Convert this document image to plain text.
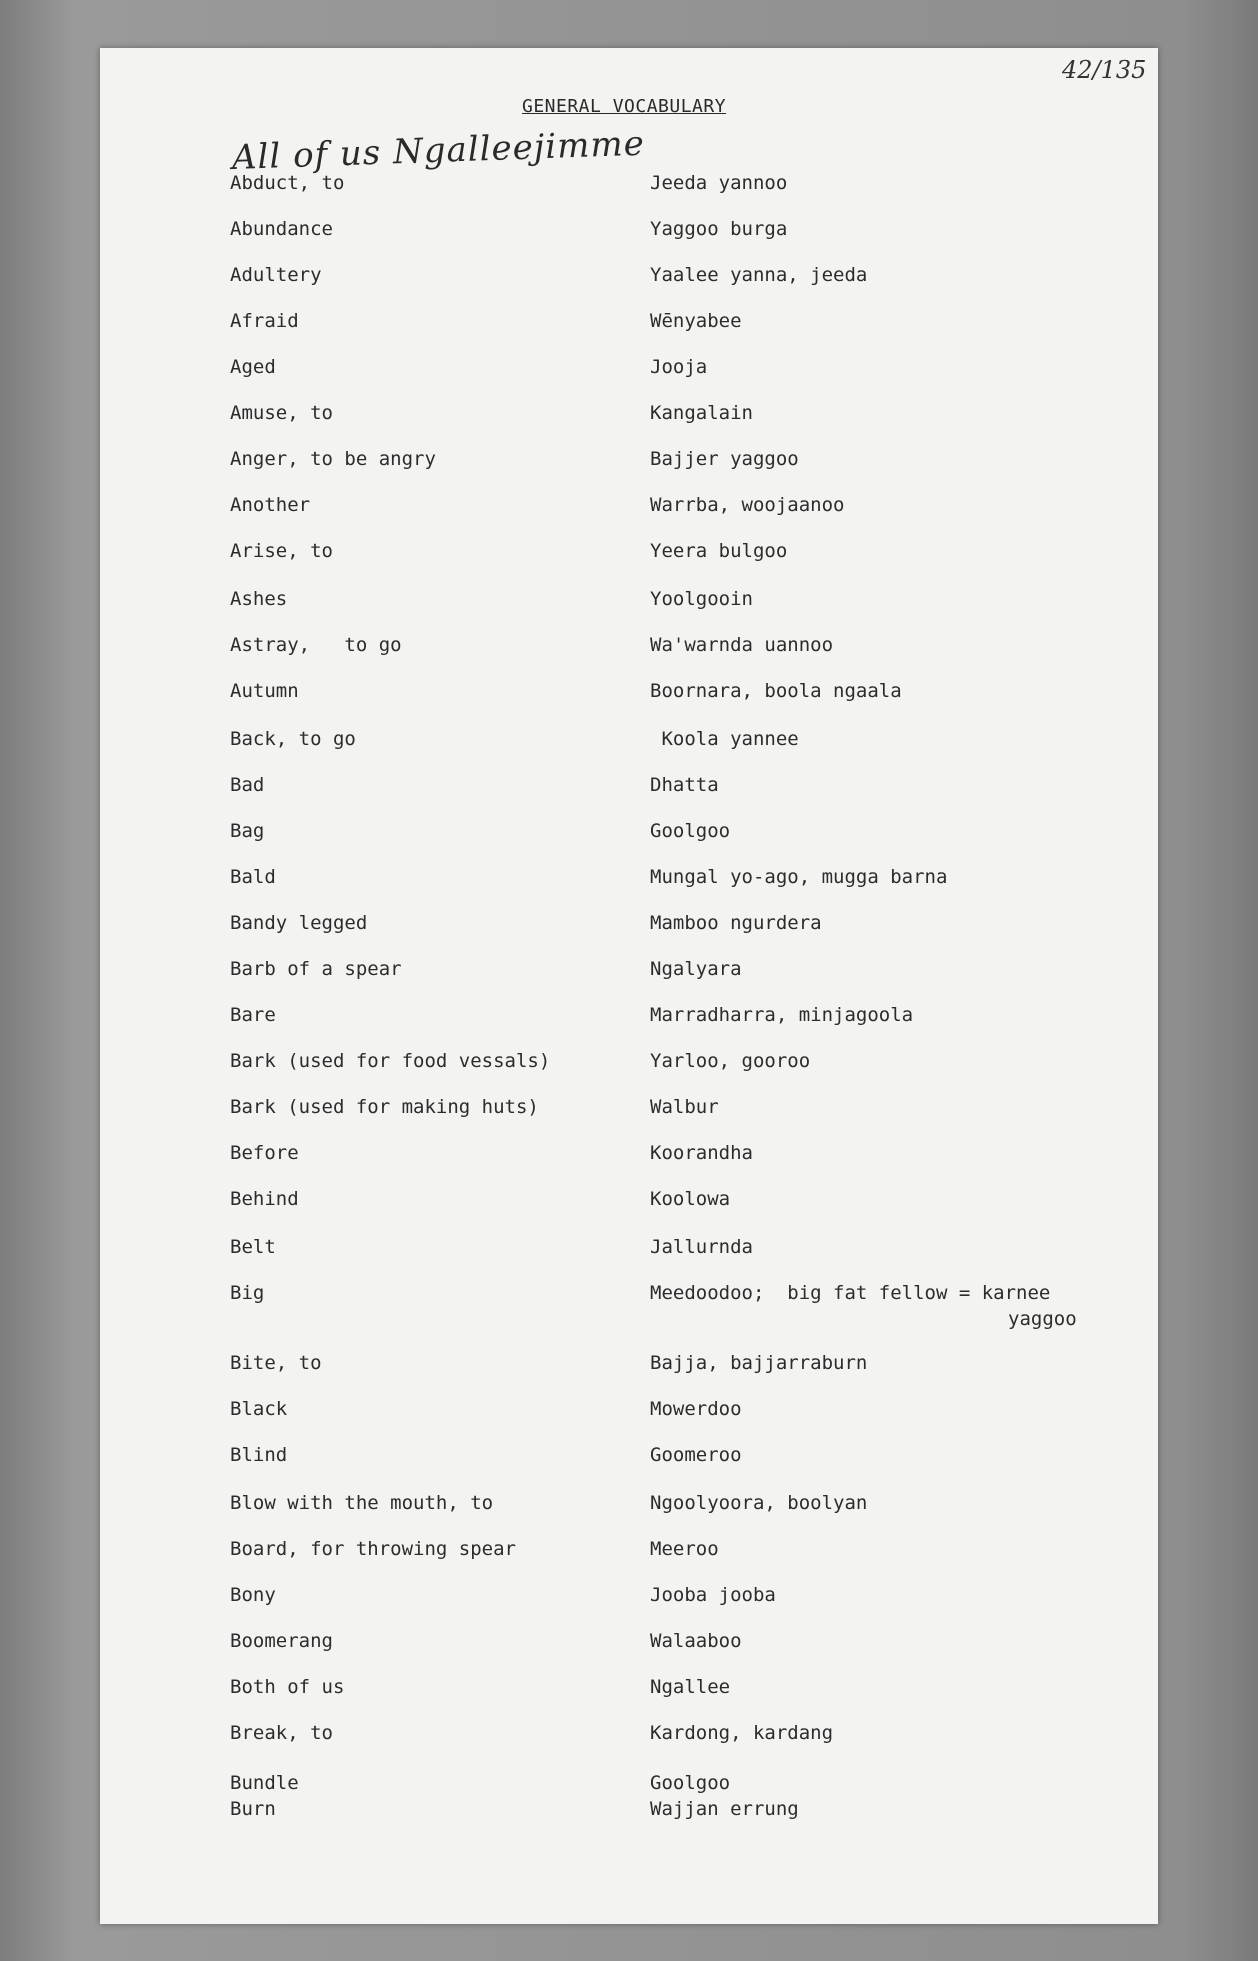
42/135
GENERAL VOCABULARY
All of us Ngalleejimme
Abduct, to	Jeeda yannoo
Abundance	Yaggoo burga
Adultery	Yaalee yanna, jeeda
Afraid	Wēnyabee
Aged	Jooja
Amuse, to	Kangalain
Anger, to be angry	Bajjer yaggoo
Another	Warrba, woojaanoo
Arise, to	Yeera bulgoo
Ashes	Yoolgooin
Astray,   to go	Wa'warnda uannoo
Autumn	Boornara, boola ngaala
Back, to go	Koola yannee
Bad	Dhatta
Bag	Goolgoo
Bald	Mungal yo-ago, mugga barna
Bandy legged	Mamboo ngurdera
Barb of a spear	Ngalyara
Bare	Marradharra, minjagoola
Bark (used for food vessals)	Yarloo, gooroo
Bark (used for making huts)	Walbur
Before	Koorandha
Behind	Koolowa
Belt	Jallurnda
Big	Meedoodoo;  big fat fellow = karnee
yaggoo
Bite, to	Bajja, bajjarraburn
Black	Mowerdoo
Blind	Goomeroo
Blow with the mouth, to	Ngoolyoora, boolyan
Board, for throwing spear	Meeroo
Bony	Jooba jooba
Boomerang	Walaaboo
Both of us	Ngallee
Break, to	Kardong, kardang
Bundle	Goolgoo
Burn	Wajjan errung
